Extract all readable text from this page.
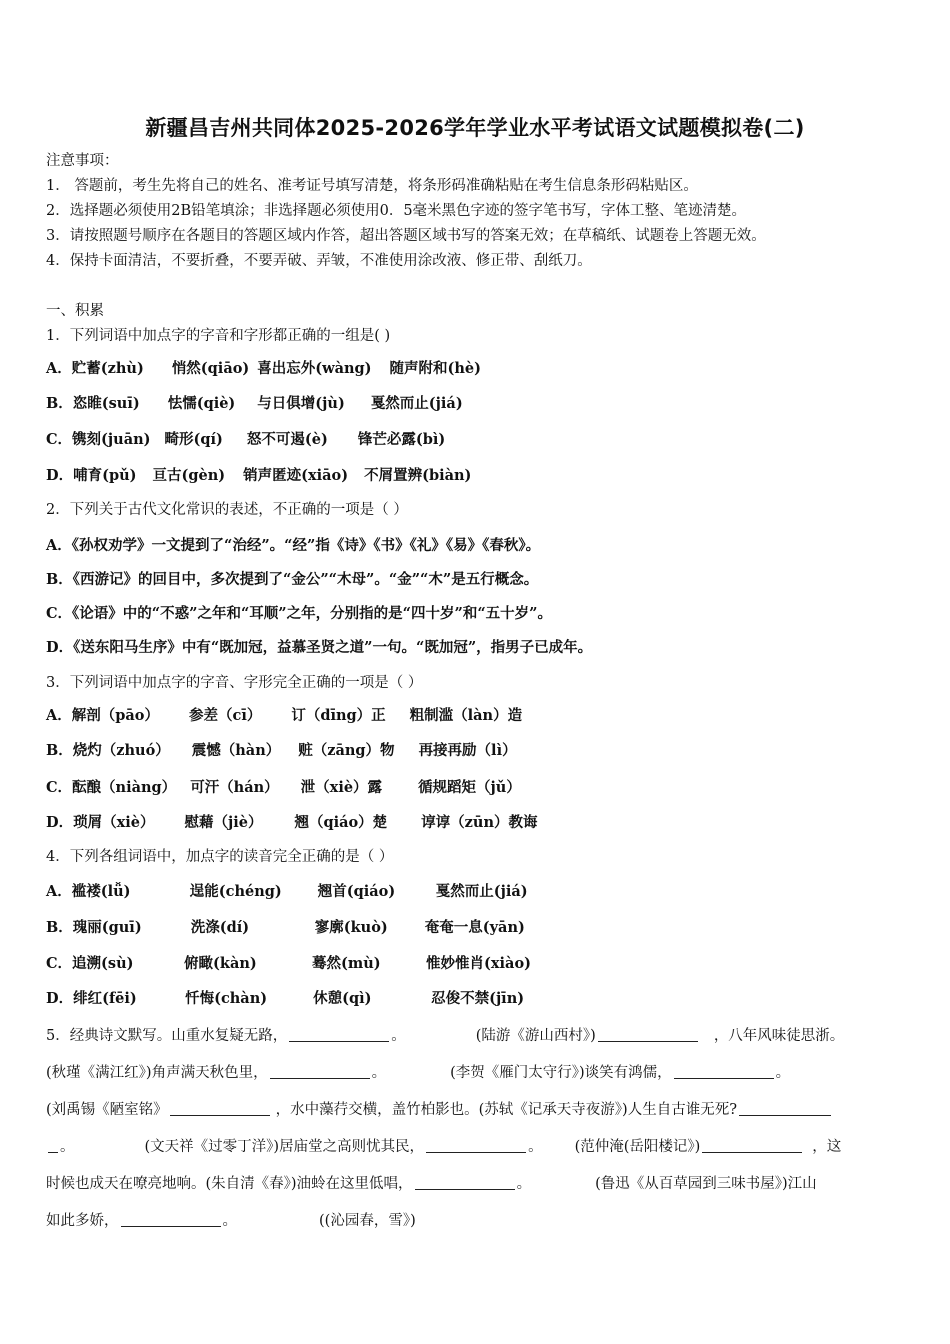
新疆昌吉州共同体2025-2026学年学业水平考试语文试题模拟卷(二)
注意事项：
1． 答题前，考生先将自己的姓名、准考证号填写清楚，将条形码准确粘贴在考生信息条形码粘贴区。
2．选择题必须使用2B铅笔填涂；非选择题必须使用0．5毫米黑色字迹的签字笔书写，字体工整、笔迹清楚。
3．请按照题号顺序在各题目的答题区域内作答，超出答题区域书写的答案无效；在草稿纸、试题卷上答题无效。
4．保持卡面清洁，不要折叠，不要弄破、弄皱，不准使用涂改液、修正带、刮纸刀。
一、积累
1．下列词语中加点字的字音和字形都正确的一组是( )
A．贮蓄(zhù) 悄然(qiāo) 喜出忘外(wàng) 随声附和(hè)
B．恣睢(suī) 怯懦(qiè) 与日俱增(jù) 戛然而止(jiá)
C．镌刻(juān) 畸形(qí) 怒不可遏(è) 锋芒必露(bì)
D．哺育(pǔ) 亘古(gèn) 销声匿迹(xiāo) 不屑置辨(biàn)
2．下列关于古代文化常识的表述，不正确的一项是（ ）
A．《孙权劝学》一文提到了“治经”。“经”指《诗》《书》《礼》《易》《春秋》。
B．《西游记》的回目中，多次提到了“金公”“木母”。“金”“木”是五行概念。
C．《论语》中的“不惑”之年和“耳顺”之年，分别指的是“四十岁”和“五十岁”。
D．《送东阳马生序》中有“既加冠，益慕圣贤之道”一句。“既加冠”，指男子已成年。
3．下列词语中加点字的字音、字形完全正确的一项是（ ）
A．解剖（pāo） 参差（cī） 订（dīng）正 粗制滥（làn）造
B．烧灼（zhuó） 震憾（hàn） 赃（zāng）物 再接再励（lì）
C．酝酿（niàng） 可汗（hán） 泄（xiè）露 循规蹈矩（jǔ）
D．琐屑（xiè） 慰藉（jiè） 翘（qiáo）楚 谆谆（zūn）教诲
4．下列各组词语中，加点字的读音完全正确的是（ ）
A．褴褛(lǚ)	逞能(chéng) 翘首(qiáo)	戛然而止(jiá)
B．瑰丽(guī)	洗涤(dí)	寥廓(kuò)	奄奄一息(yān)
C．追溯(sù)	俯瞰(kàn)	蓦然(mù)	惟妙惟肖(xiào)
D．绯红(fēi)	忏悔(chàn)	休憩(qì)	忍俊不禁(jīn)
5．经典诗文默写。山重水复疑无路，	。	(陆游《游山西村》)	，八年风味徒思浙。
(秋瑾《满江红》)角声满天秋色里，	。	(李贺《雁门太守行》)谈笑有鸿儒，	。
(刘禹锡《陋室铭》	，水中藻荇交横，盖竹柏影也。(苏轼《记承天寺夜游》)人生自古谁无死?
。	(文天祥《过零丁洋》)居庙堂之高则忧其民，	。 (范仲淹(岳阳楼记》)	，这
时候也成天在嘹亮地响。(朱自清《春》)油蛉在这里低唱，	。	(鲁迅《从百草园到三味书屋》)江山
如此多娇，	。	((沁园春，雪》)
